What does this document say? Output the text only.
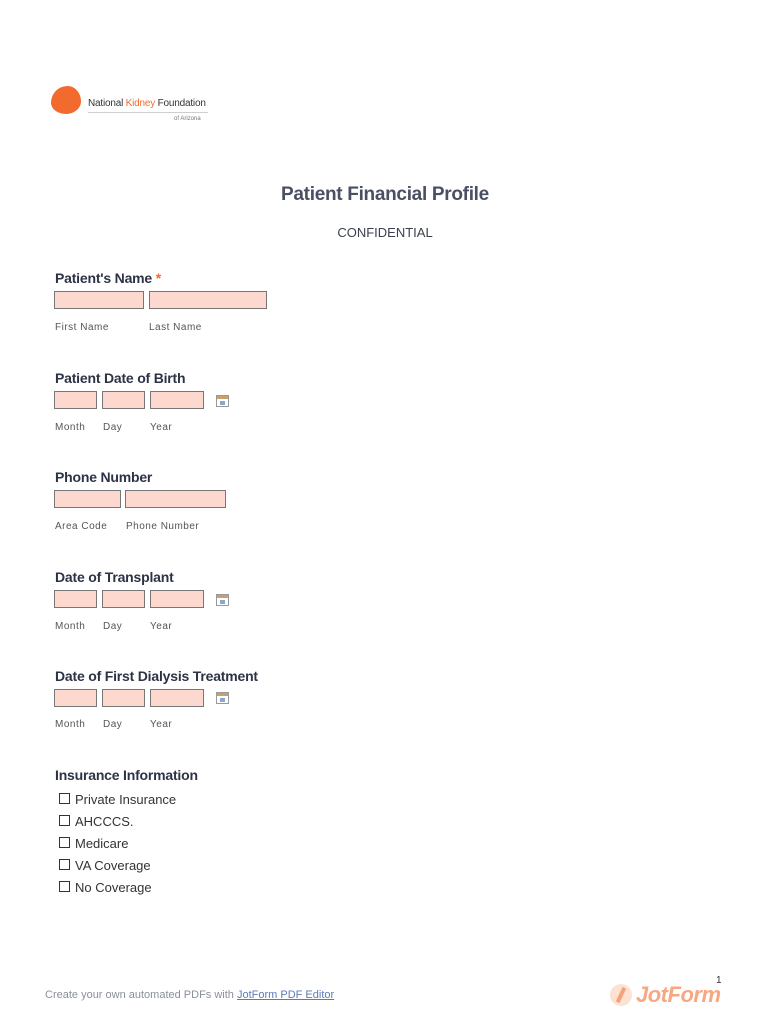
National Kidney Foundation
of Arizona
Patient Financial Profile
CONFIDENTIAL
Patient's Name *
First Name	Last Name
Patient Date of Birth
Month Day	Year
Phone Number
Area Code Phone Number
Date of Transplant
Month Day	Year
Date of First Dialysis Treatment
Month Day	Year
Insurance Information
Private Insurance
AHCCCS.
Medicare
VA Coverage
No Coverage
Create your own automated PDFs with JotForm PDF Editor
1
JotForm
